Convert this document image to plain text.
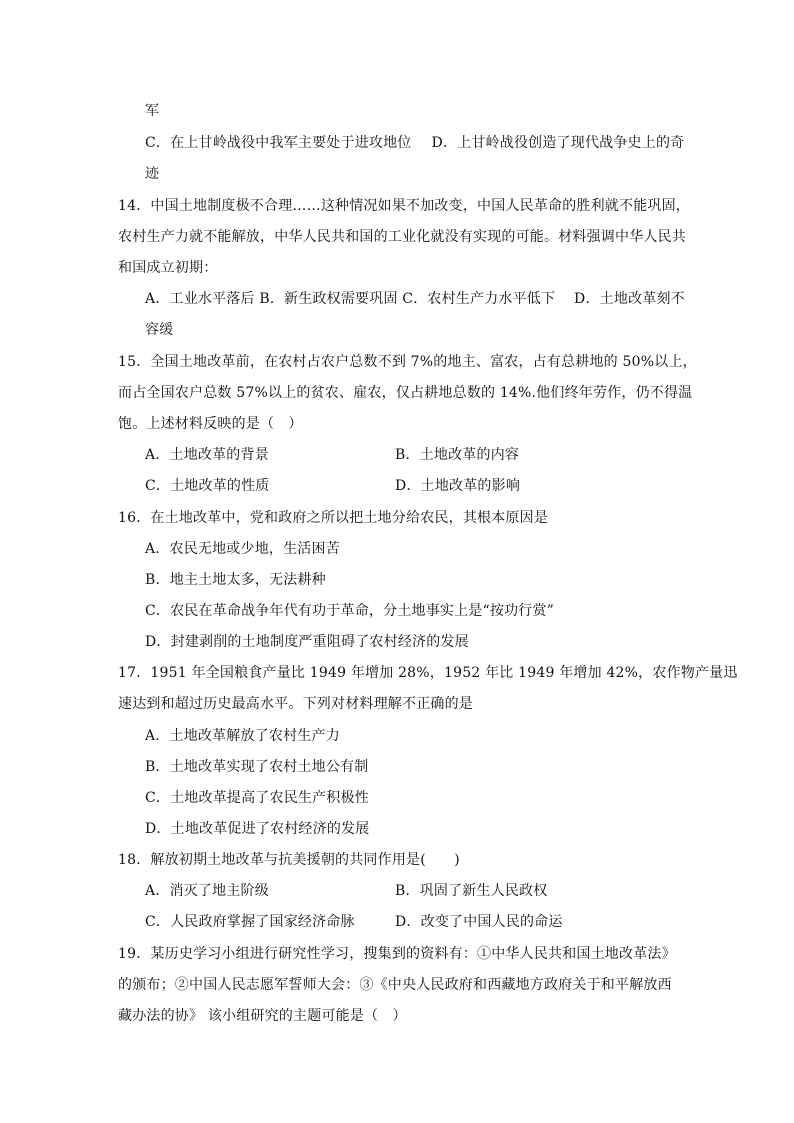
军
C．在上甘岭战役中我军主要处于进攻地位 D．上甘岭战役创造了现代战争史上的奇
迹
14．中国土地制度极不合理……这种情况如果不加改变，中国人民革命的胜利就不能巩固，
农村生产力就不能解放，中华人民共和国的工业化就没有实现的可能。材料强调中华人民共
和国成立初期：
A．工业水平落后 B．新生政权需要巩固 C．农村生产力水平低下　 D．土地改革刻不
容缓
15．全国土地改革前，在农村占农户总数不到 7%的地主、富农，占有总耕地的 50%以上，
而占全国农户总数 57%以上的贫农、雇农，仅占耕地总数的 14%.他们终年劳作，仍不得温
饱。上述材料反映的是（　）
A．土地改革的背景	B．土地改革的内容
C．土地改革的性质	D．土地改革的影响
16．在土地改革中，党和政府之所以把土地分给农民，其根本原因是
A．农民无地或少地，生活困苦
B．地主土地太多，无法耕种
C．农民在革命战争年代有功于革命，分土地事实上是“按功行赏”
D．封建剥削的土地制度严重阻碍了农村经济的发展
17．1951 年全国粮食产量比 1949 年增加 28%，1952 年比 1949 年增加 42%，农作物产量迅
速达到和超过历史最高水平。下列对材料理解不正确的是
A．土地改革解放了农村生产力
B．土地改革实现了农村土地公有制
C．土地改革提高了农民生产积极性
D．土地改革促进了农村经济的发展
18．解放初期土地改革与抗美援朝的共同作用是(　　)
A．消灭了地主阶级	B．巩固了新生人民政权
C．人民政府掌握了国家经济命脉	D．改变了中国人民的命运
19．某历史学习小组进行研究性学习，搜集到的资料有：①中华人民共和国土地改革法》
的颁布；②中国人民志愿军誓师大会：③《中央人民政府和西藏地方政府关于和平解放西
藏办法的协》 该小组研究的主题可能是（　）
